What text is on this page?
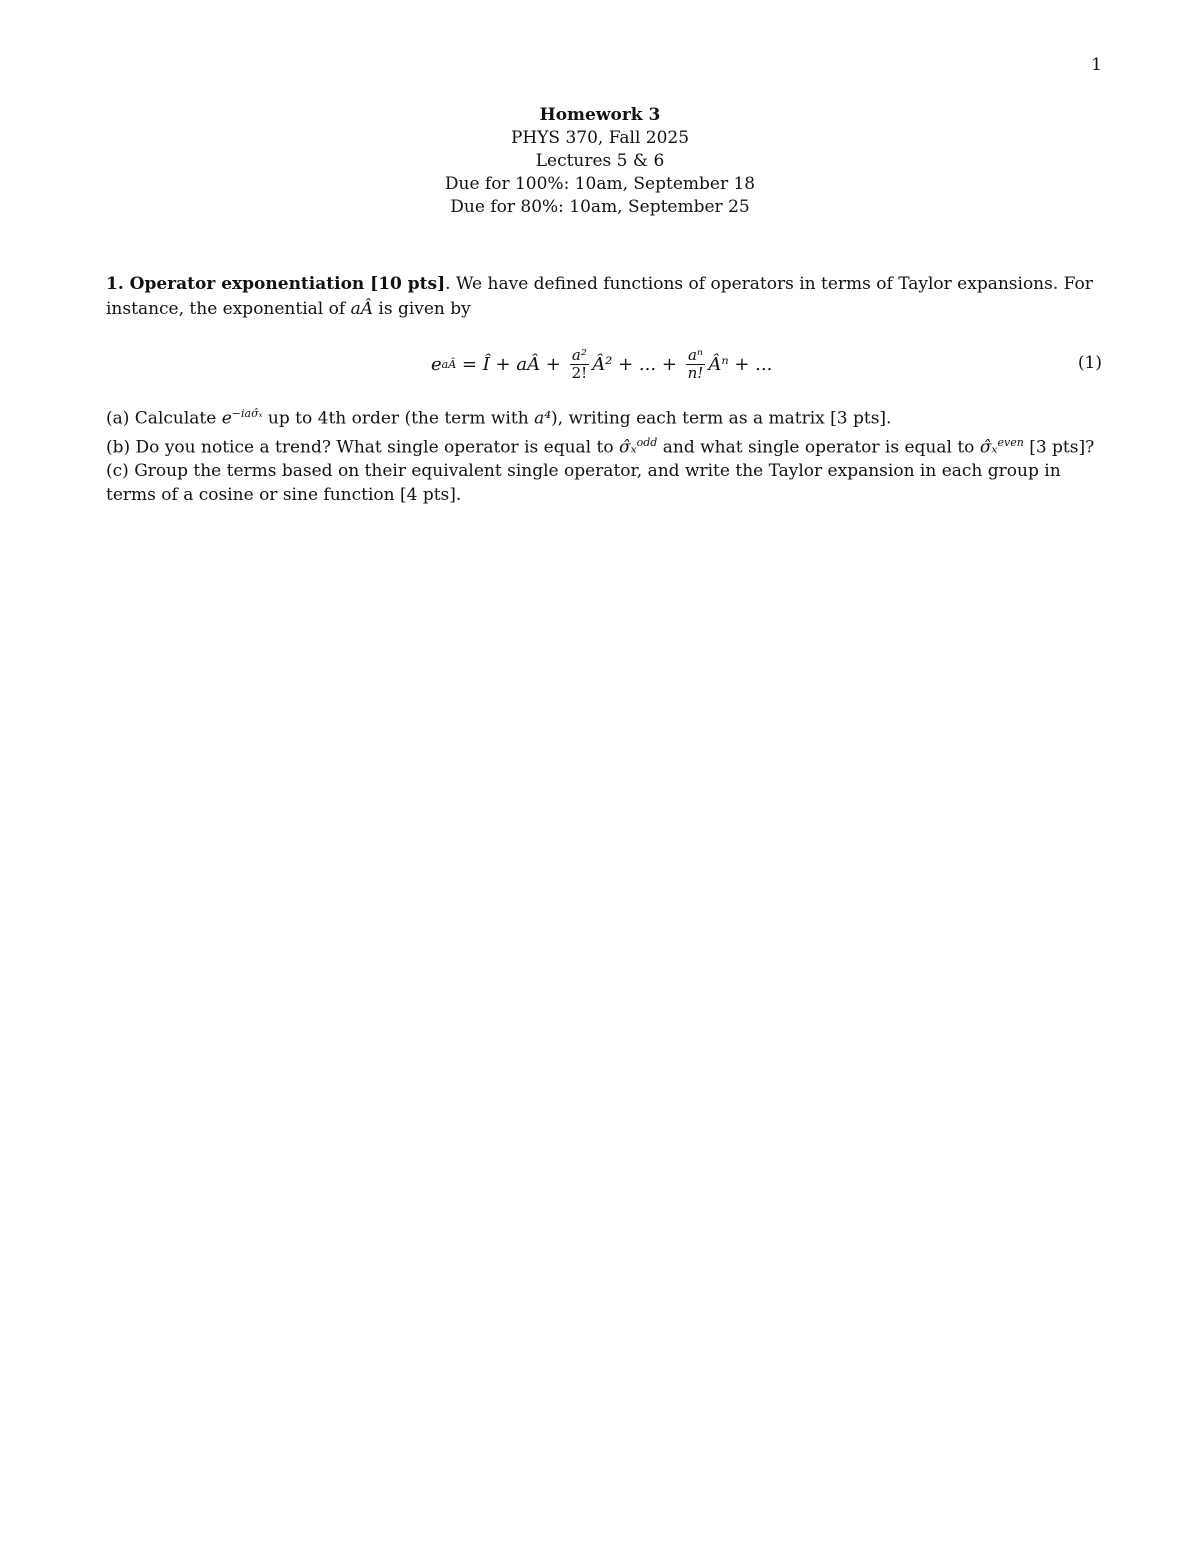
1
Homework 3
PHYS 370, Fall 2025
Lectures 5 & 6
Due for 100%: 10am, September 18
Due for 80%: 10am, September 25
1. Operator exponentiation [10 pts]. We have defined functions of operators in terms of Taylor expansions. For instance, the exponential of aÂ is given by
e aÂ = Î + aÂ + $\frac{\text{a²}}{2!}$ Â² + ... + $\frac{\text{aⁿ}}{n!}$ Âⁿ + ...	(1)

(a) Calculate $e^{-ia\sigmâ_x}$ up to 4th order (the term with a⁴), writing each term as a matrix [3 pts].

(b) Do you notice a trend? What single operator is equal to σ̂ₓ$^{odd}$ and what single operator is equal to σ̂ₓ$^{even}$ [3 pts]?

(c) Group the terms based on their equivalent single operator, and write the Taylor expansion in each group in terms of a cosine or sine function [4 pts].
